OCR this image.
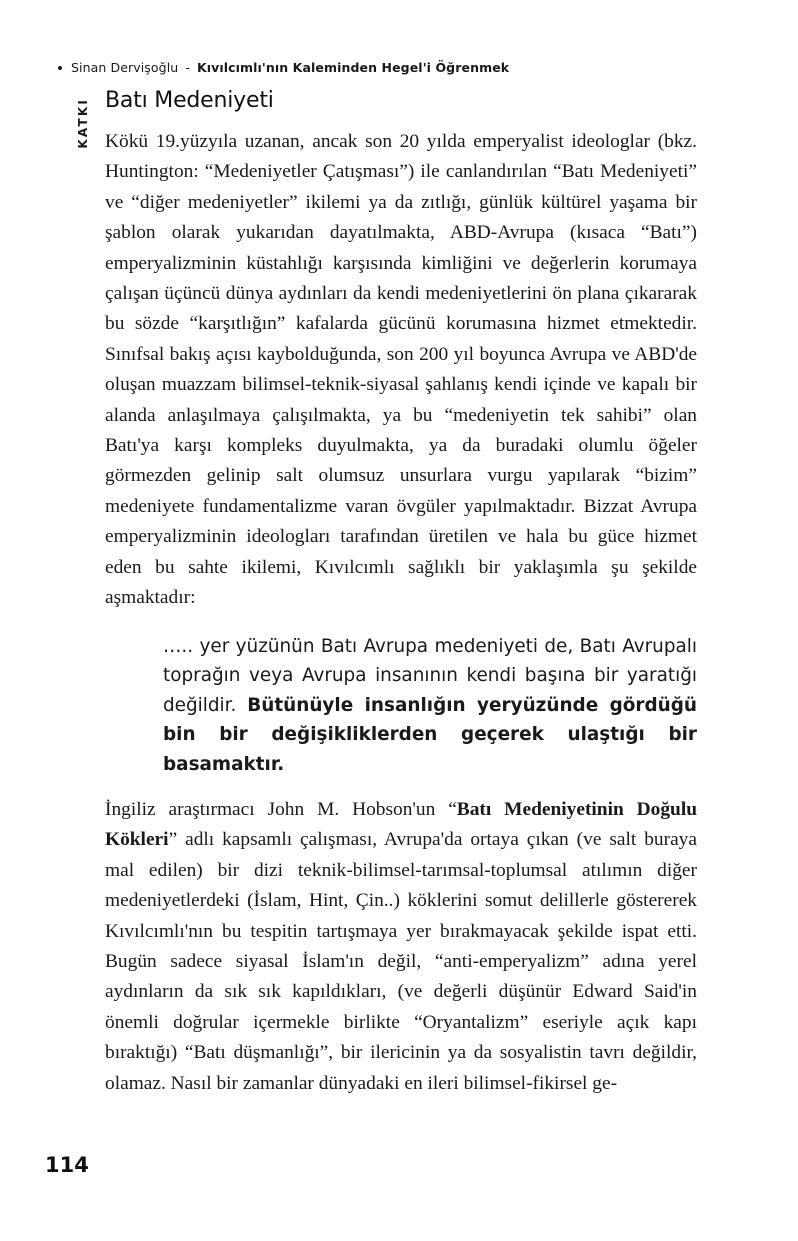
Sinan Dervişoğlu - Kıvılcımlı'nın Kaleminden Hegel'i Öğrenmek
KATKI Batı Medeniyeti

Kökü 19.yüzyıla uzanan, ancak son 20 yılda emperyalist ideologlar (bkz. Huntington: “Medeniyetler Çatışması”) ile canlandırılan “Batı Medeniyeti” ve “diğer medeniyetler” ikilemi ya da zıtlığı, günlük kültürel yaşama bir şablon olarak yukarıdan dayatılmakta, ABD-Avrupa (kısaca “Batı”) emperyalizminin küstahlığı karşısında kimliğini ve değerlerin korumaya çalışan üçüncü dünya aydınları da kendi medeniyetlerini ön plana çıkararak bu sözde “karşıtlığın” kafalarda gücünü korumasına hizmet etmektedir. Sınıfsal bakış açısı kaybolduğunda, son 200 yıl boyunca Avrupa ve ABD'de oluşan muazzam bilimsel-teknik-siyasal şahlanış kendi içinde ve kapalı bir alanda anlaşılmaya çalışılmakta, ya bu “medeniyetin tek sahibi” olan Batı'ya karşı kompleks duyulmakta, ya da buradaki olumlu öğeler görmezden gelinip salt olumsuz unsurlara vurgu yapılarak “bizim” medeniyete fundamentalizme varan övgüler yapılmaktadır. Bizzat Avrupa emperyalizminin ideologları tarafından üretilen ve hala bu güce hizmet eden bu sahte ikilemi, Kıvılcımlı sağlıklı bir yaklaşımla şu şekilde aşmaktadır:

….. yer yüzünün Batı Avrupa medeniyeti de, Batı Avrupalı toprağın veya Avrupa insanının kendi başına bir yaratığı değildir. Bütünüyle insanlığın yeryüzünde gördüğü bin bir değişikliklerden geçerek ulaştığı bir basamaktır.

İngiliz araştırmacı John M. Hobson'un “Batı Medeniyetinin Doğulu Kökleri” adlı kapsamlı çalışması, Avrupa'da ortaya çıkan (ve salt buraya mal edilen) bir dizi teknik-bilimsel-tarımsal-toplumsal atılımın diğer medeniyetlerdeki (İslam, Hint, Çin..) köklerini somut delillerle göstererek Kıvılcımlı'nın bu tespitin tartışmaya yer bırakmayacak şekilde ispat etti. Bugün sadece siyasal İslam'ın değil, “anti-emperyalizm” adına yerel aydınların da sık sık kapıldıkları, (ve değerli düşünür Edward Said'in önemli doğrular içermekle birlikte “Oryantalizm” eseriyle açık kapı bıraktığı) “Batı düşmanlığı”, bir ilericinin ya da sosyalistin tavrı değildir, olamaz. Nasıl bir zamanlar dünyadaki en ileri bilimsel-fikirsel ge-

114
